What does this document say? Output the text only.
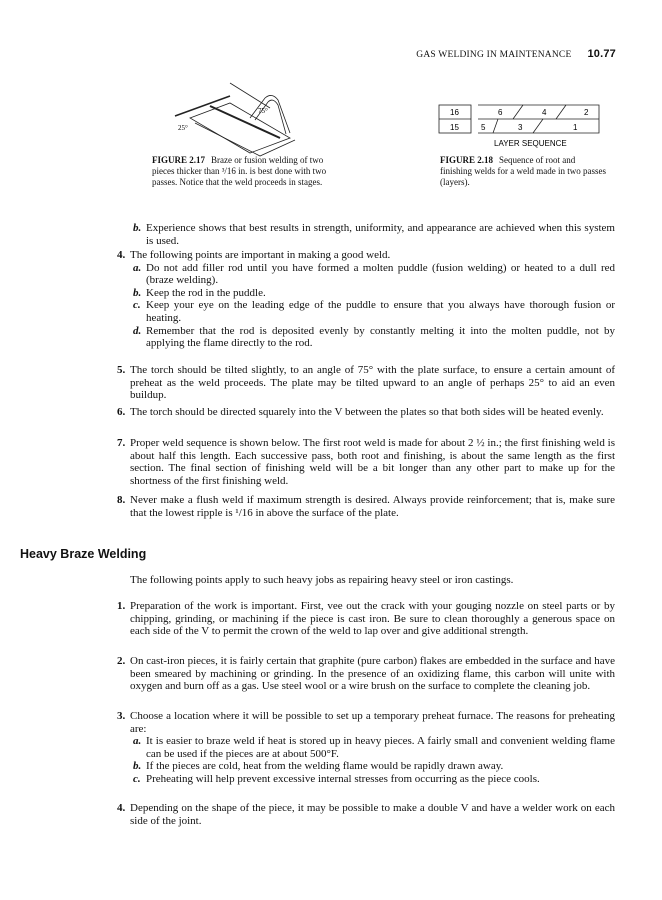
GAS WELDING IN MAINTENANCE 10.77
75°
25°
FIGURE 2.17 Braze or fusion welding of two pieces thicker than ³/16 in. is best done with two passes. Notice that the weld proceeds in stages.
16
15
6
5
4
3
2
1
LAYER SEQUENCE
FIGURE 2.18 Sequence of root and finishing welds for a weld made in two passes (layers).
b. Experience shows that best results in strength, uniformity, and appearance are achieved when this system is used.
4. The following points are important in making a good weld.
a. Do not add filler rod until you have formed a molten puddle (fusion welding) or heated to a dull red (braze welding).
b. Keep the rod in the puddle.
c. Keep your eye on the leading edge of the puddle to ensure that you always have thorough fusion or heating.
d. Remember that the rod is deposited evenly by constantly melting it into the molten puddle, not by applying the flame directly to the rod.
5. The torch should be tilted slightly, to an angle of 75° with the plate surface, to ensure a certain amount of preheat as the weld proceeds. The plate may be tilted upward to an angle of perhaps 25° to aid an even buildup.
6. The torch should be directed squarely into the V between the plates so that both sides will be heated evenly.
7. Proper weld sequence is shown below. The first root weld is made for about 2 ½ in.; the first finishing weld is about half this length. Each successive pass, both root and finishing, is about the same length as the first section. The final section of finishing weld will be a bit longer than any other part to make up for the shortness of the first finishing weld.
8. Never make a flush weld if maximum strength is desired. Always provide reinforcement; that is, make sure that the lowest ripple is ¹/16 in above the surface of the plate.
Heavy Braze Welding
The following points apply to such heavy jobs as repairing heavy steel or iron castings.
1. Preparation of the work is important. First, vee out the crack with your gouging nozzle on steel parts or by chipping, grinding, or machining if the piece is cast iron. Be sure to clean thoroughly a generous space on each side of the V to permit the crown of the weld to lap over and give additional strength.
2. On cast-iron pieces, it is fairly certain that graphite (pure carbon) flakes are embedded in the surface and have been smeared by machining or grinding. In the presence of an oxidizing flame, this carbon will unite with oxygen and burn off as a gas. Use steel wool or a wire brush on the surface to complete the cleaning job.
3. Choose a location where it will be possible to set up a temporary preheat furnace. The reasons for preheating are:
a. It is easier to braze weld if heat is stored up in heavy pieces. A fairly small and convenient welding flame can be used if the pieces are at about 500°F.
b. If the pieces are cold, heat from the welding flame would be rapidly drawn away.
c. Preheating will help prevent excessive internal stresses from occurring as the piece cools.
4. Depending on the shape of the piece, it may be possible to make a double V and have a welder work on each side of the joint.
